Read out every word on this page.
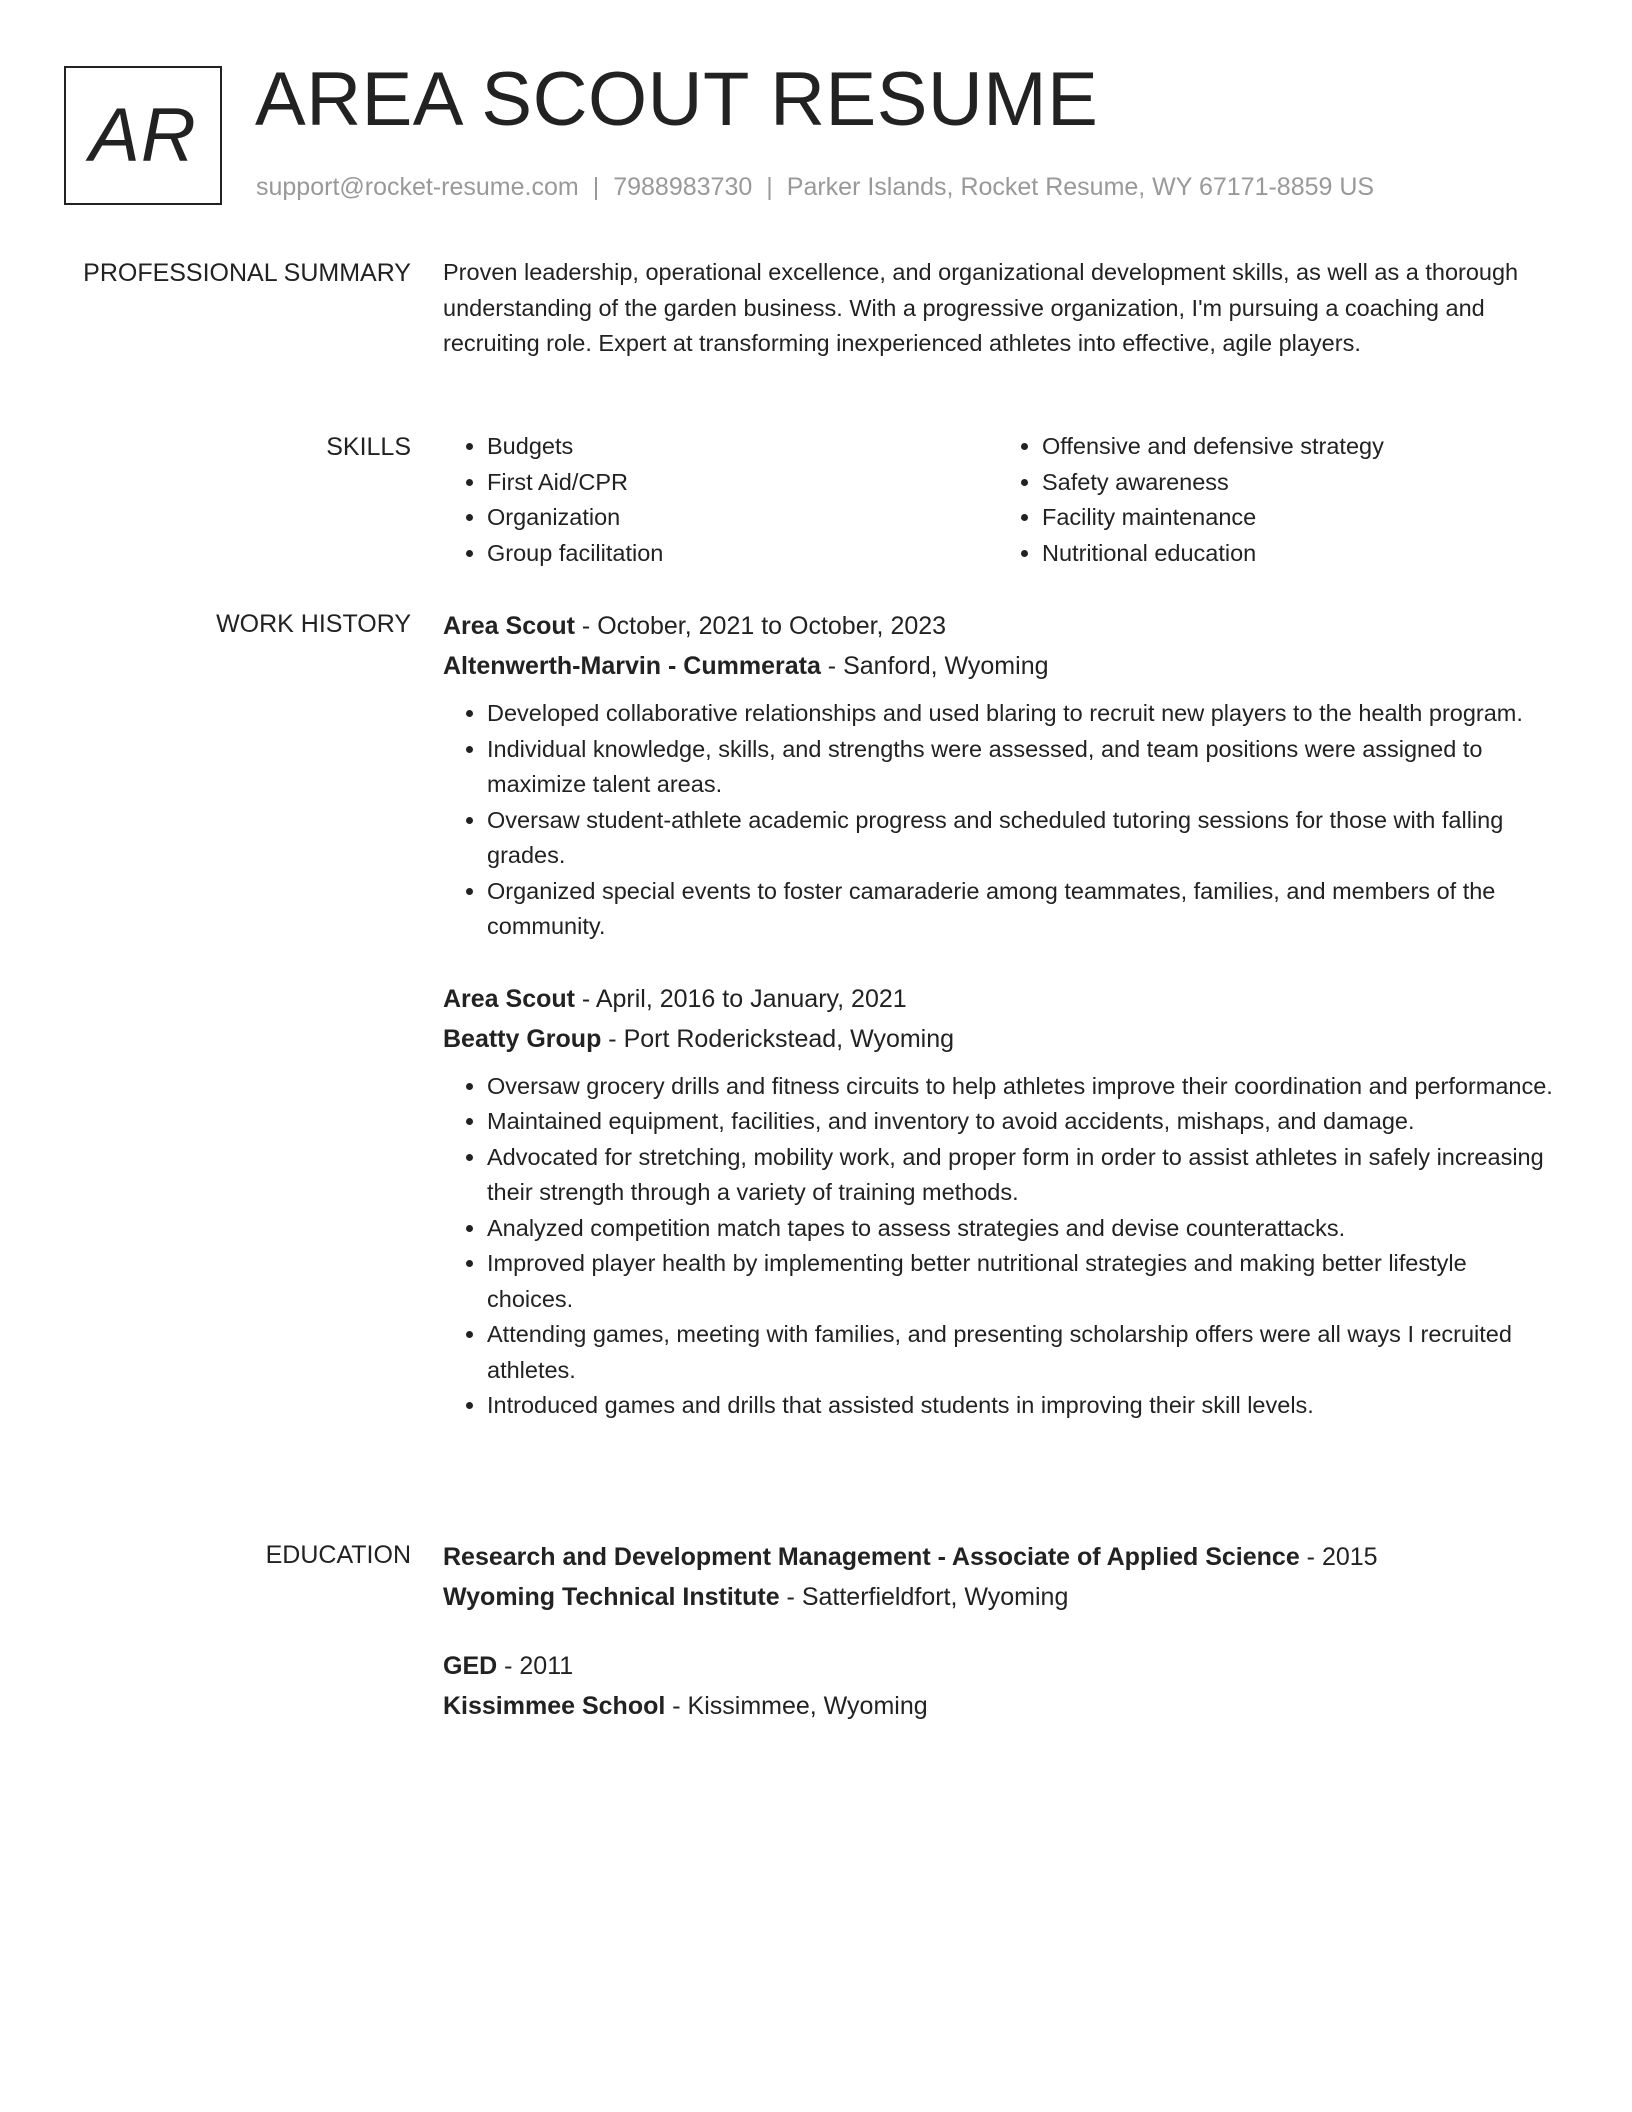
AR AREA SCOUT RESUME
support@rocket-resume.com | 7988983730 | Parker Islands, Rocket Resume, WY 67171-8859 US
PROFESSIONAL SUMMARY Proven leadership, operational excellence, and organizational development skills, as well as a thorough understanding of the garden business. With a progressive organization, I'm pursuing a coaching and recruiting role. Expert at transforming inexperienced athletes into effective, agile players.

SKILLS
•	Budgets
• First Aid/CPR
• Organization
• Group facilitation
• Offensive and defensive strategy
• Safety awareness
• Facility maintenance
• Nutritional education
WORK HISTORY Area Scout - October, 2021 to October, 2023
Altenwerth-Marvin - Cummerata - Sanford, Wyoming
• Developed collaborative relationships and used blaring to recruit new players to the health program.
• Individual knowledge, skills, and strengths were assessed, and team positions were assigned to maximize talent areas.
• Oversaw student-athlete academic progress and scheduled tutoring sessions for those with falling grades.
• Organized special events to foster camaraderie among teammates, families, and members of the community.
Area Scout - April, 2016 to January, 2021
Beatty Group - Port Roderickstead, Wyoming
• Oversaw grocery drills and fitness circuits to help athletes improve their coordination and performance.
• Maintained equipment, facilities, and inventory to avoid accidents, mishaps, and damage.
• Advocated for stretching, mobility work, and proper form in order to assist athletes in safely increasing their strength through a variety of training methods.
• Analyzed competition match tapes to assess strategies and devise counterattacks.
• Improved player health by implementing better nutritional strategies and making better lifestyle choices.
• Attending games, meeting with families, and presenting scholarship offers were all ways I recruited athletes.
• Introduced games and drills that assisted students in improving their skill levels.
EDUCATION Research and Development Management - Associate of Applied Science - 2015
Wyoming Technical Institute - Satterfieldfort, Wyoming
GED - 2011
Kissimmee School - Kissimmee, Wyoming
